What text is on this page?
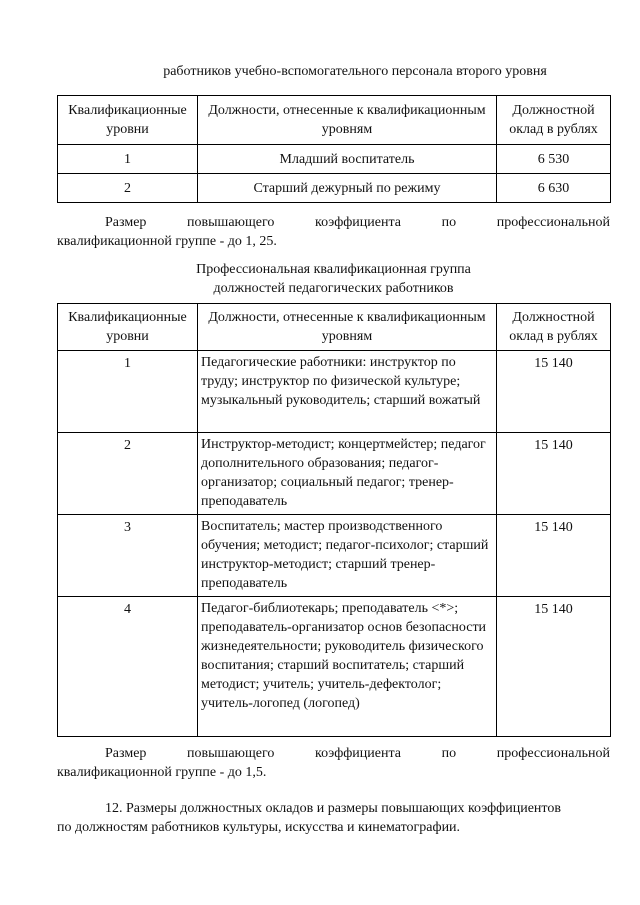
работников учебно-вспомогательного персонала второго уровня
Квалификационные уровни	Должности, отнесенные к квалификационным уровням	Должностной оклад в рублях
1	Младший воспитатель	6 530
2	Старший дежурный по режиму	6 630
Размер	повышающего	коэффициента	по	профессиональной
квалификационной группе - до 1, 25.
Профессиональная квалификационная группа
должностей педагогических работников
Квалификационные уровни	Должности, отнесенные к квалификационным уровням	Должностной оклад в рублях
1	Педагогические работники: инструктор по труду; инструктор по физической культуре; музыкальный руководитель; старший вожатый	15 140
2	Инструктор-методист; концертмейстер; педагог дополнительного образования; педагог-организатор; социальный педагог; тренер-преподаватель	15 140
3	Воспитатель; мастер производственного обучения; методист; педагог-психолог; старший инструктор-методист; старший тренер-преподаватель	15 140
4	Педагог-библиотекарь; преподаватель <*>; преподаватель-организатор основ безопасности жизнедеятельности; руководитель физического воспитания; старший воспитатель; старший методист; учитель; учитель-дефектолог; учитель-логопед (логопед)	15 140
Размер	повышающего	коэффициента	по	профессиональной
квалификационной группе - до 1,5.
12. Размеры должностных окладов и размеры повышающих коэффициентов
по должностям работников культуры, искусства и кинематографии.
